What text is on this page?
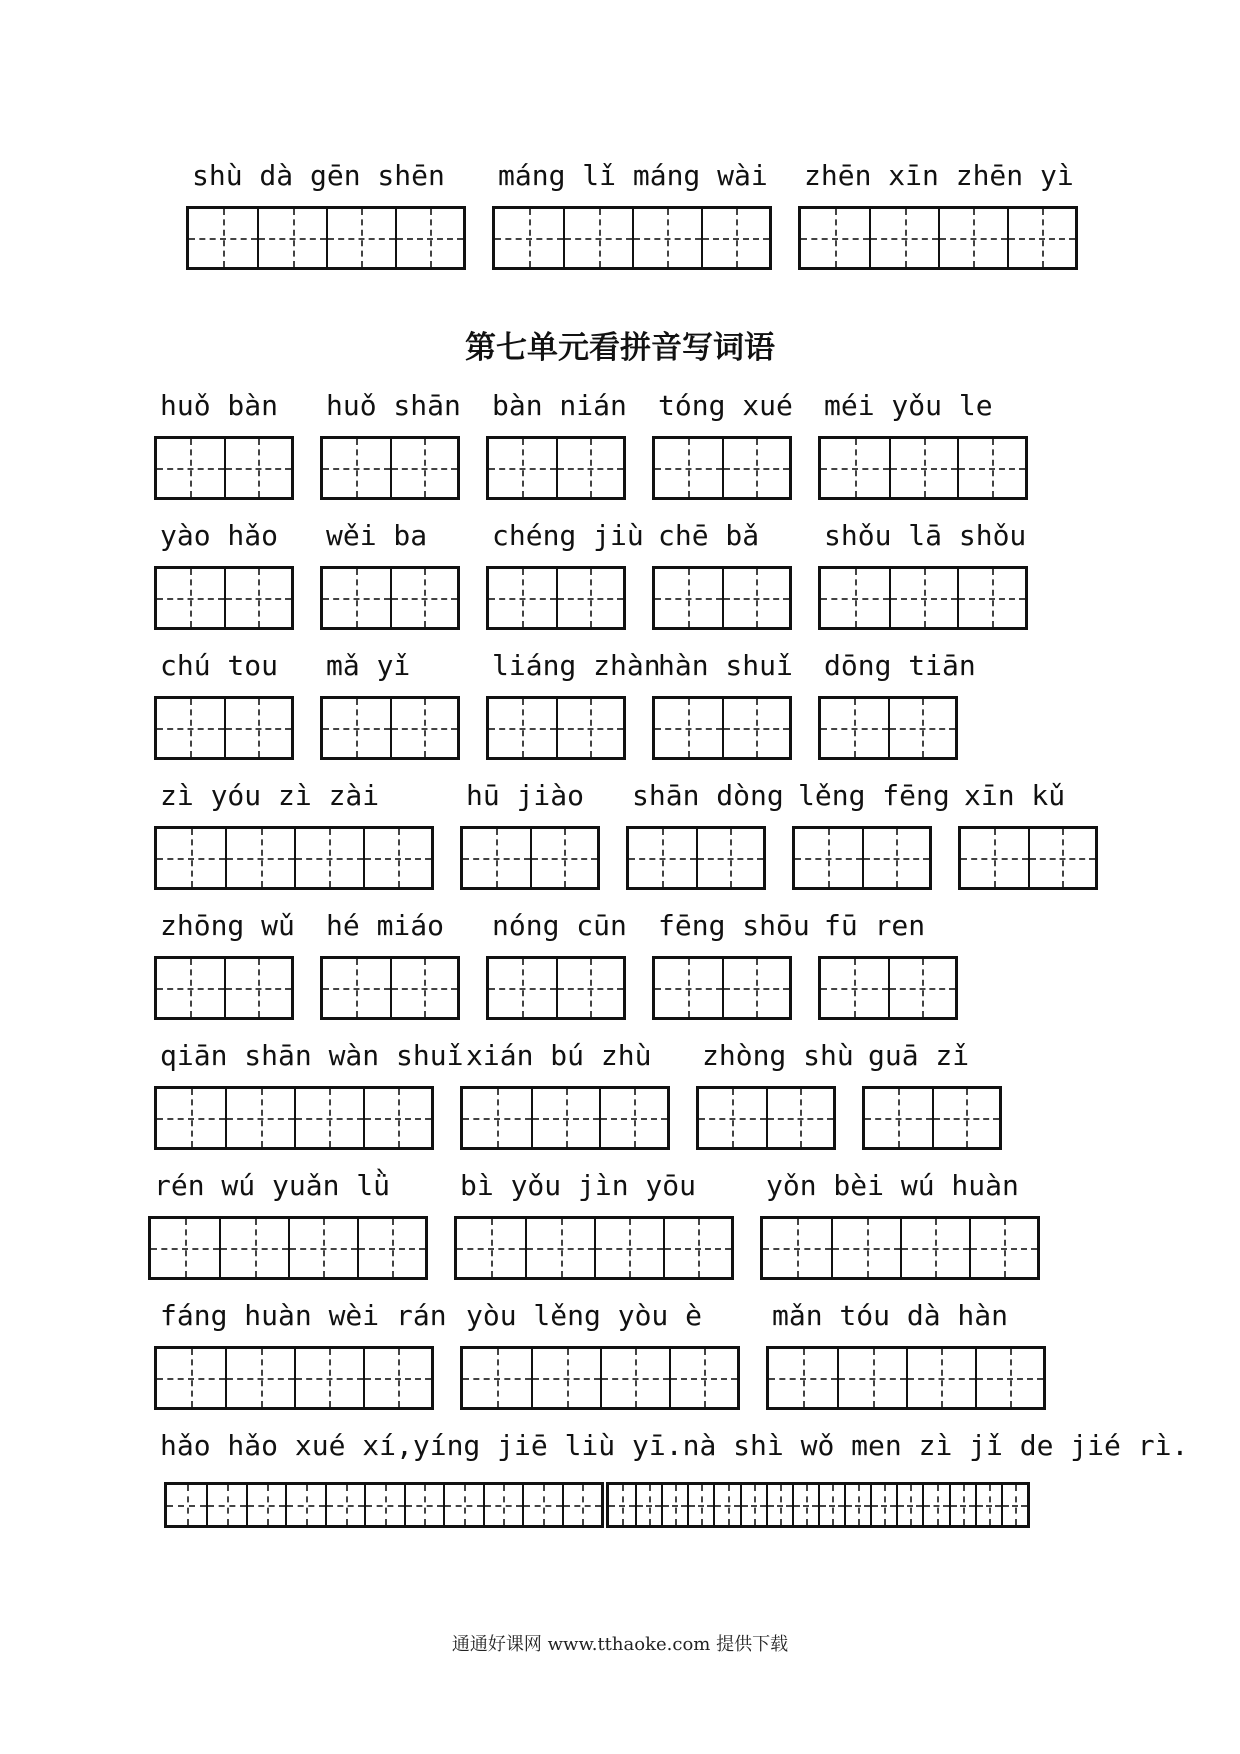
第七单元看拼音写词语
shù dà gēn shēn máng lǐ máng wài zhēn xīn zhēn yì
huǒ bàn huǒ shān bàn nián tóng xué méi yǒu le
yào hǎo wěi ba chéng jiù chē bǎ shǒu lā shǒu
chú tou mǎ yǐ	liáng zhàn
hàn shuǐ dōng tiān
zì yóu zì zài	hū jiào shān dòng lěng fēng xīn kǔ
zhōng wǔ hé miáo nóng cūn fēng shōu fū ren
qiān shān wàn shuǐ xián bú zhù zhòng shù guā zǐ
rén wú yuǎn lǜ bì yǒu jìn yōu yǒn bèi wú huàn
fáng huàn wèi rán yòu lěng yòu è mǎn tóu dà hàn
hǎo hǎo xué xí,yíng jiē liù yī.nà shì wǒ men zì jǐ de jié rì.
通通好课网 www.tthaoke.com 提供下载
